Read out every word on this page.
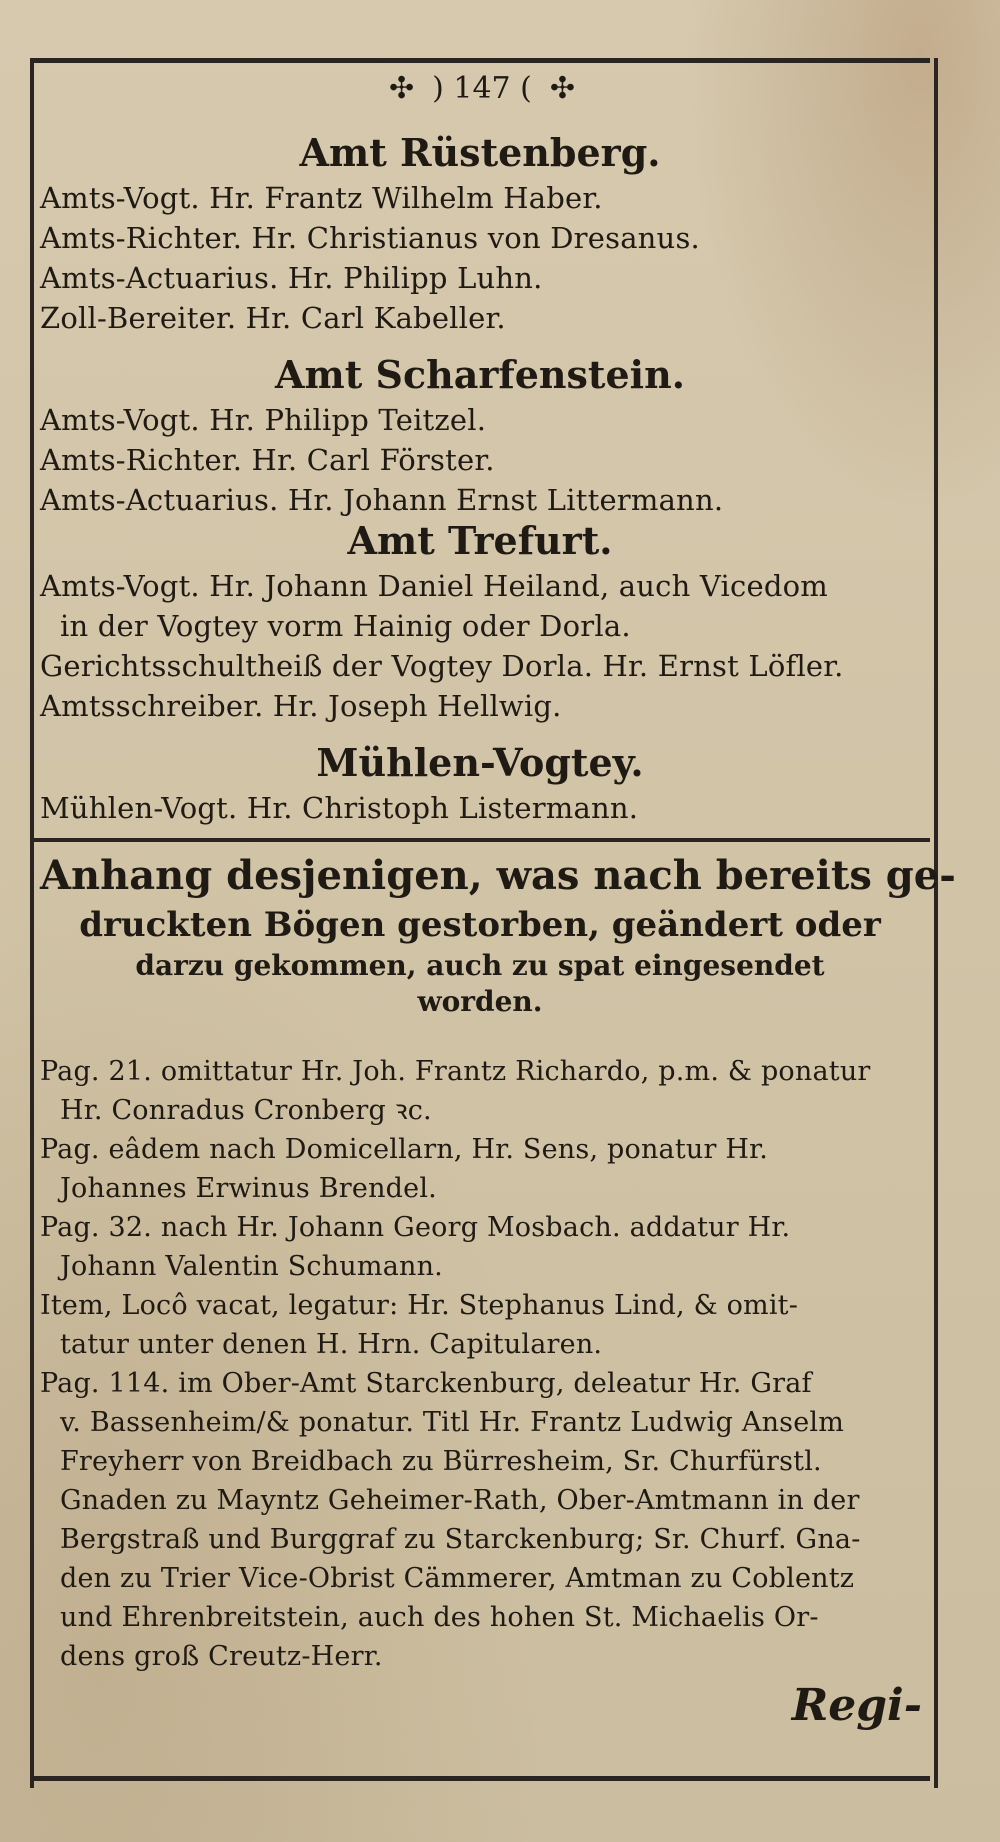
✣ ) 147 ( ✣
Amt Rüstenberg.
Amts-Vogt. Hr. Frantz Wilhelm Haber.
Amts-Richter. Hr. Christianus von Dresanus.
Amts-Actuarius. Hr. Philipp Luhn.
Zoll-Bereiter. Hr. Carl Kabeller.
Amt Scharfenstein.
Amts-Vogt. Hr. Philipp Teitzel.
Amts-Richter. Hr. Carl Förster.
Amts-Actuarius. Hr. Johann Ernst Littermann.
Amt Trefurt.
Amts-Vogt. Hr. Johann Daniel Heiland, auch Vicedom
in der Vogtey vorm Hainig oder Dorla.
Gerichtsschultheiß der Vogtey Dorla. Hr. Ernst Löfler.
Amtsschreiber. Hr. Joseph Hellwig.
Mühlen-Vogtey.
Mühlen-Vogt. Hr. Christoph Listermann.
Anhang desjenigen, was nach bereits ge-
druckten Bögen gestorben, geändert oder
darzu gekommen, auch zu spat eingesendet
worden.
Pag. 21. omittatur Hr. Joh. Frantz Richardo, p.m. & ponatur
Hr. Conradus Cronberg ꝛc.
Pag. eâdem nach Domicellarn, Hr. Sens, ponatur Hr.
Johannes Erwinus Brendel.
Pag. 32. nach Hr. Johann Georg Mosbach. addatur Hr.
Johann Valentin Schumann.
Item, Locô vacat, legatur: Hr. Stephanus Lind, & omit-
tatur unter denen H. Hrn. Capitularen.
Pag. 114. im Ober-Amt Starckenburg, deleatur Hr. Graf
v. Bassenheim/& ponatur. Titl Hr. Frantz Ludwig Anselm
Freyherr von Breidbach zu Bürresheim, Sr. Churfürstl.
Gnaden zu Mayntz Geheimer-Rath, Ober-Amtmann in der
Bergstraß und Burggraf zu Starckenburg; Sr. Churf. Gna-
den zu Trier Vice-Obrist Cämmerer, Amtman zu Coblentz
und Ehrenbreitstein, auch des hohen St. Michaelis Or-
dens groß Creutz-Herr.
Regi-
